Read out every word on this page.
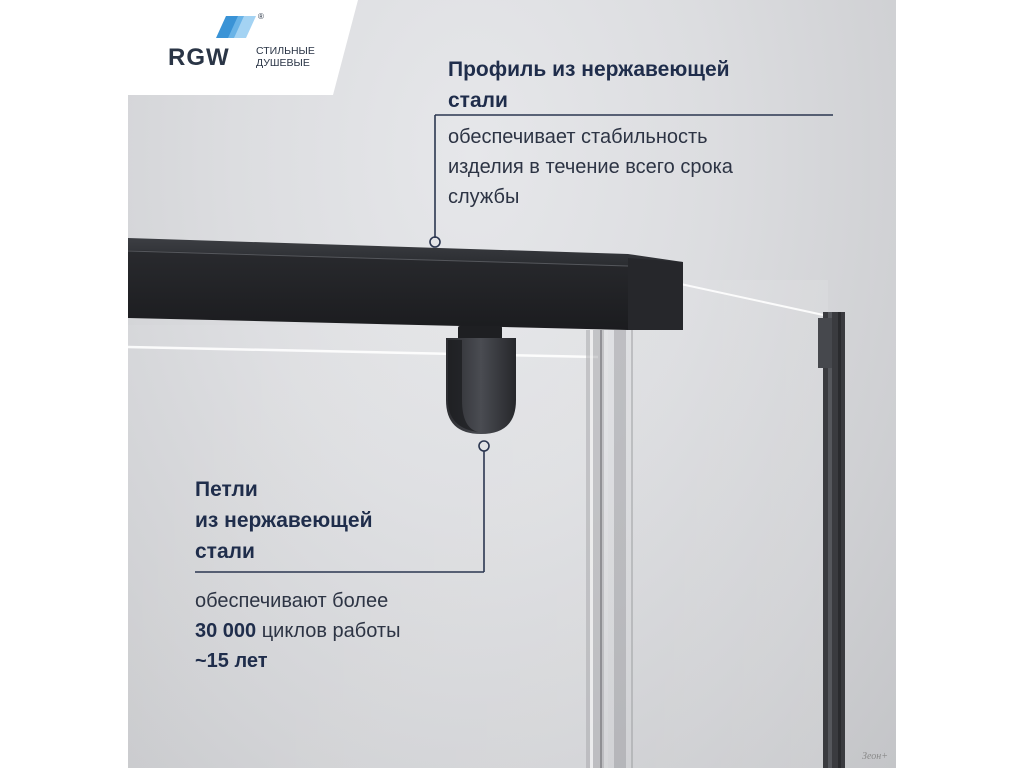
®
RGW	СТИЛЬНЫЕ ДУШЕВЫЕ	Профиль из нержавеющей
стали
обеспечивает стабильность
изделия в течение всего срока
службы
Петли
из нержавеющей
стали
обеспечивают более
30 000 циклов работы
~15 лет
Зеон+
